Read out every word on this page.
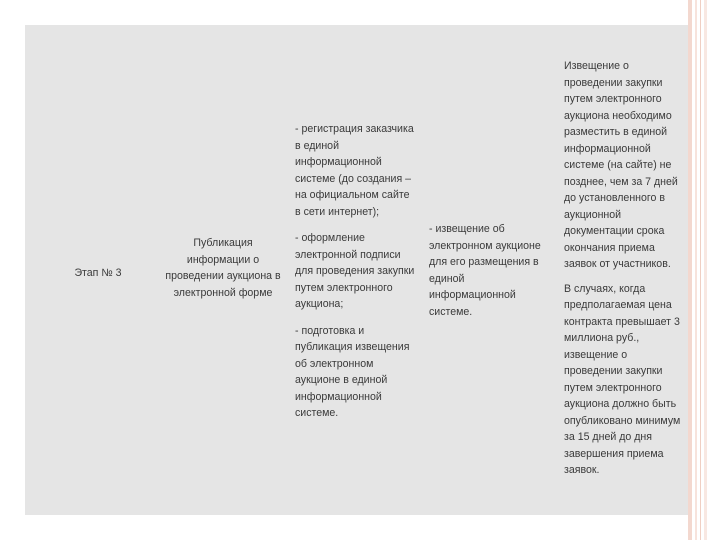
Этап № 3
Публикация
информации о
проведении аукциона в
электронной форме

- регистрация заказчика
в единой
информационной
системе (до создания –
на официальном сайте
в сети интернет);

- оформление
электронной подписи
для проведения закупки
путем электронного
аукциона;

- подготовка и
публикация извещения
об электронном
аукционе в единой
информационной
системе.

- извещение об
электронном аукционе
для его размещения в
единой
информационной
системе.

Извещение о
проведении закупки
путем электронного
аукциона необходимо
разместить в единой
информационной
системе (на сайте) не
позднее, чем за 7 дней
до установленного в
аукционной
документации срока
окончания приема
заявок от участников.

В случаях, когда
предполагаемая цена
контракта превышает 3
миллиона руб.,
извещение о
проведении закупки
путем электронного
аукциона должно быть
опубликовано минимум
за 15 дней до дня
завершения приема
заявок.
